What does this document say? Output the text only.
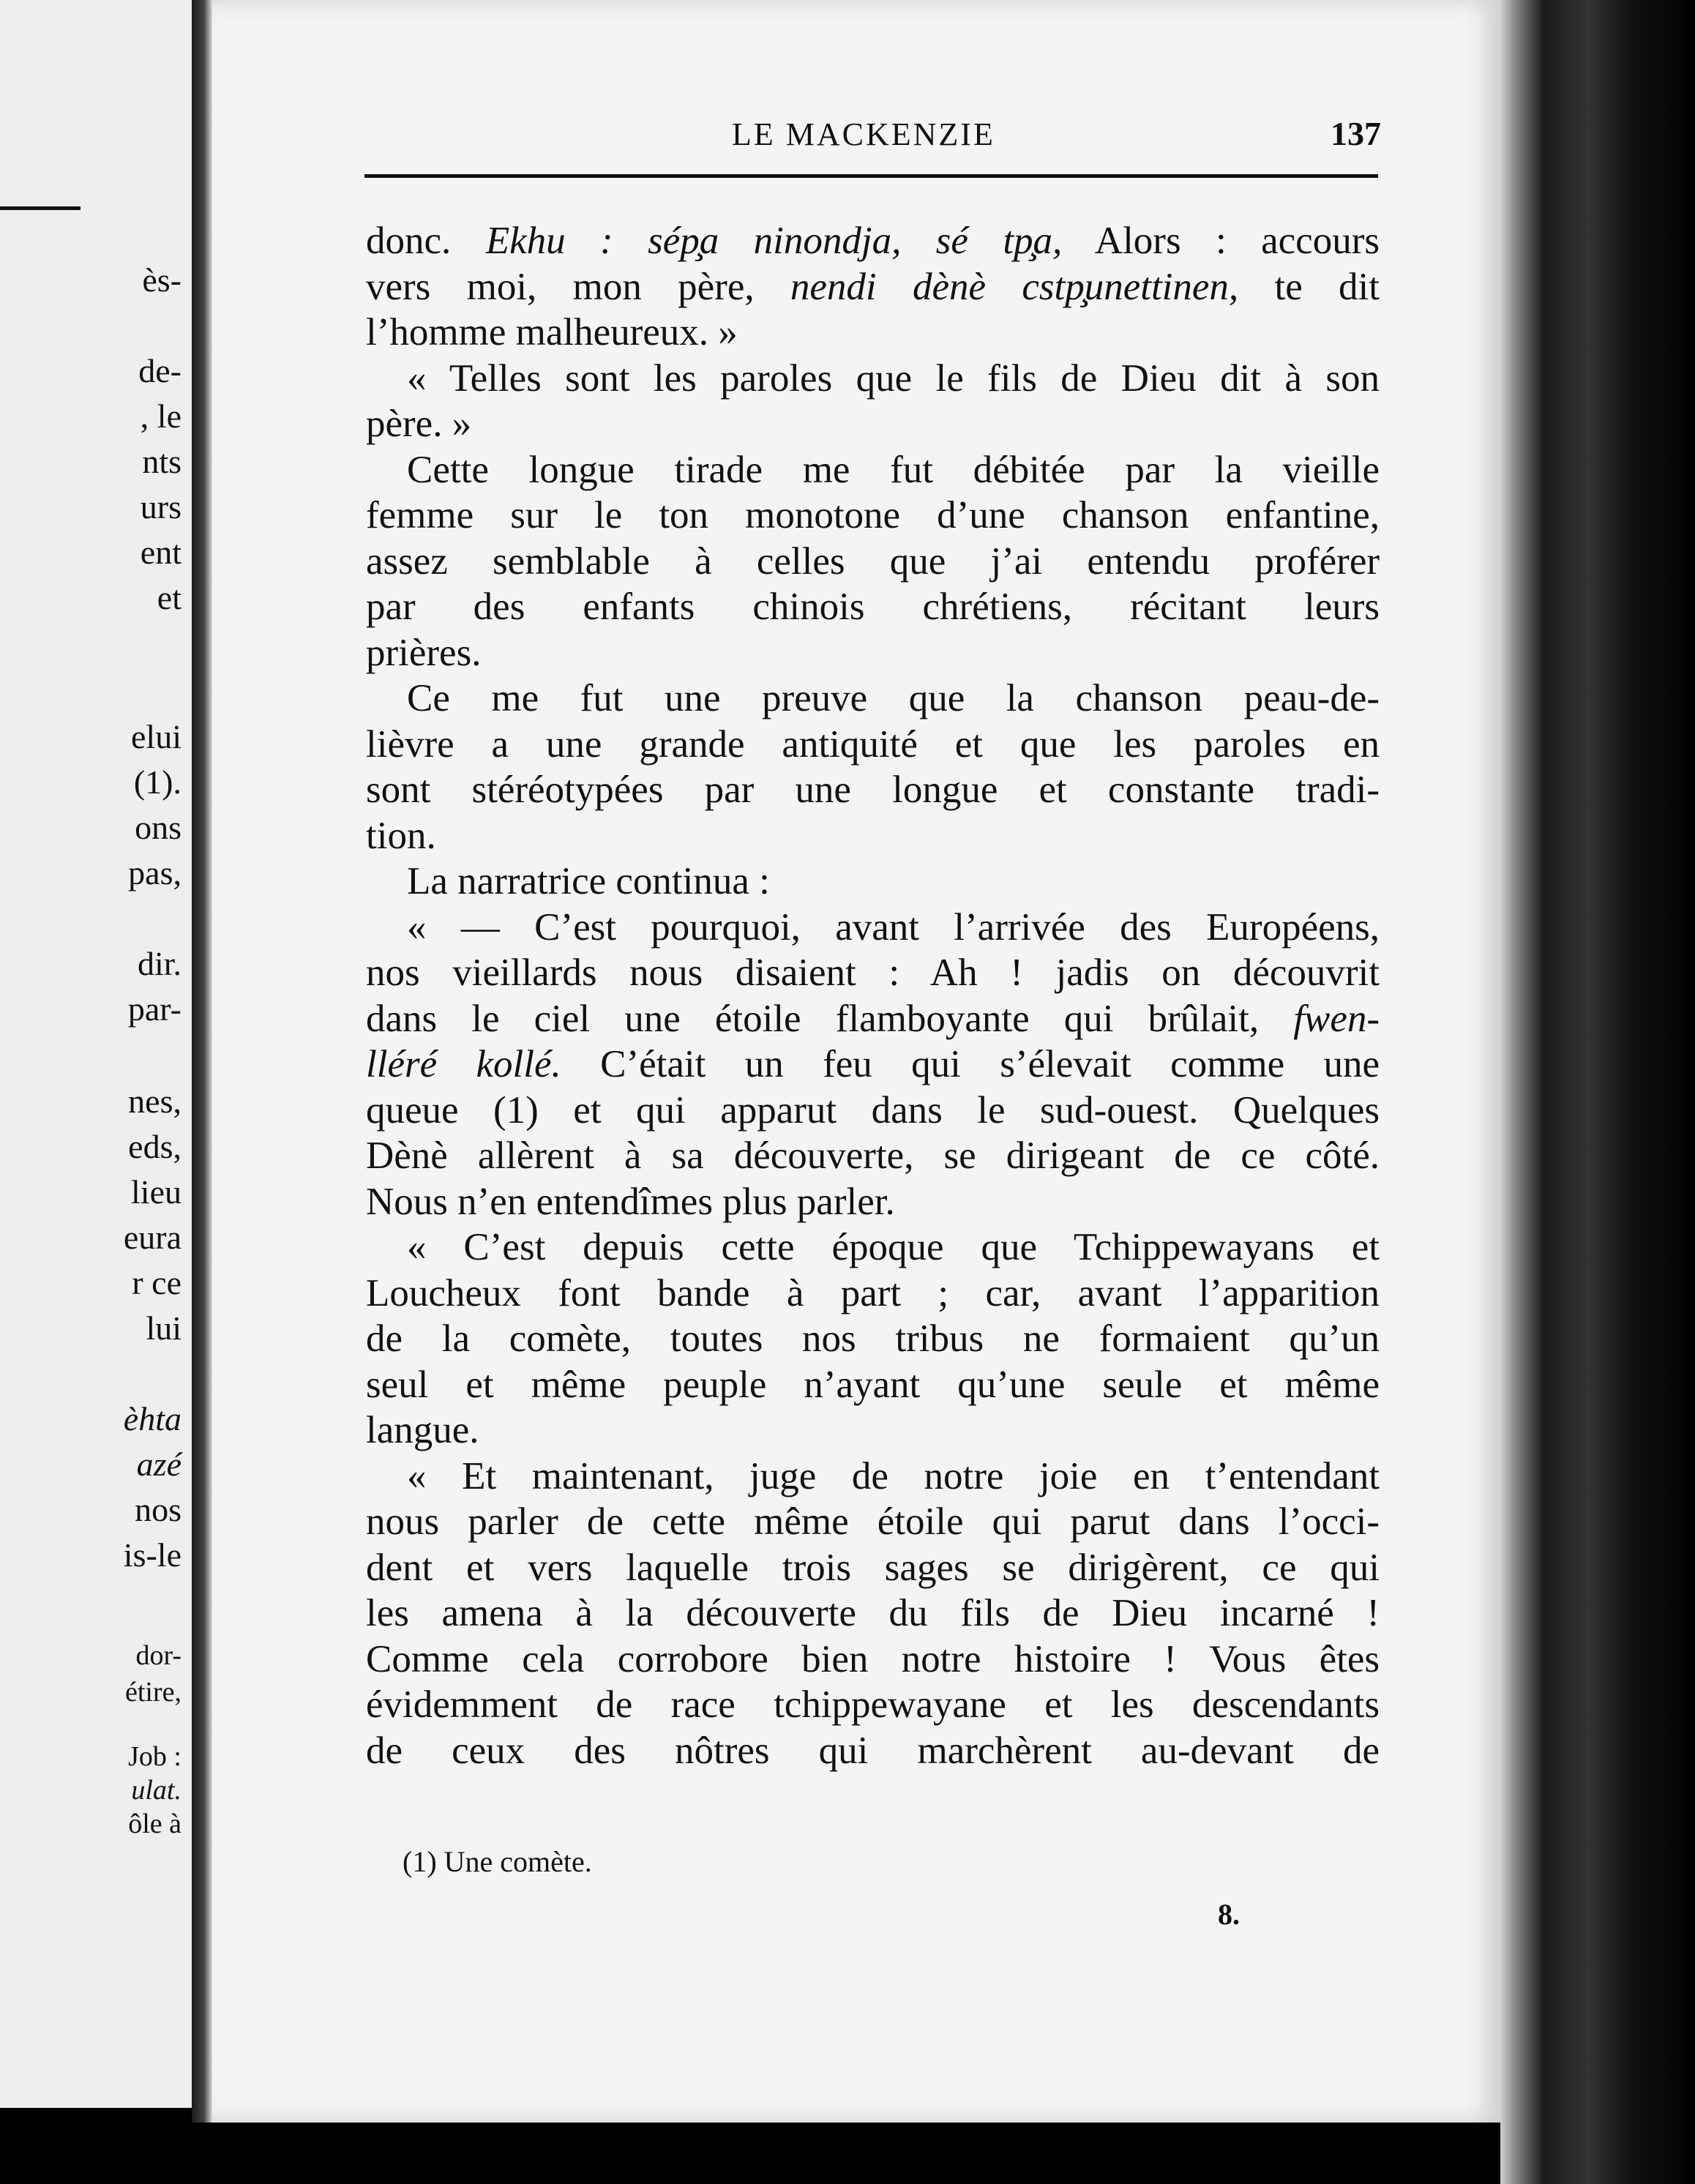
ès-
de-
, le
nts
urs
ent
et
elui
(1).
ons
pas,
dir.
par-
nes,
eds,
lieu
eura
r ce
lui
èhta
azé
nos
is-le
dor-
étire,
Job :
ulat.
ôle à
LE MACKENZIE	137
donc. Ekhu : sép̧a ninondja, sé tp̧a, Alors : accours
vers moi, mon père, nendi dènè cstp̧unettinen, te dit
l’homme malheureux. »
« Telles sont les paroles que le fils de Dieu dit à son
père. »
Cette longue tirade me fut débitée par la vieille
femme sur le ton monotone d’une chanson enfantine,
assez semblable à celles que j’ai entendu proférer
par des enfants chinois chrétiens, récitant leurs
prières.
Ce me fut une preuve que la chanson peau-de-
lièvre a une grande antiquité et que les paroles en
sont stéréotypées par une longue et constante tradi-
tion.
La narratrice continua :
« — C’est pourquoi, avant l’arrivée des Européens,
nos vieillards nous disaient : Ah ! jadis on découvrit
dans le ciel une étoile flamboyante qui brûlait, fwen-
lléré kollé. C’était un feu qui s’élevait comme une
queue (1) et qui apparut dans le sud-ouest. Quelques
Dènè allèrent à sa découverte, se dirigeant de ce côté.
Nous n’en entendîmes plus parler.
« C’est depuis cette époque que Tchippewayans et
Loucheux font bande à part ; car, avant l’apparition
de la comète, toutes nos tribus ne formaient qu’un
seul et même peuple n’ayant qu’une seule et même
langue.
« Et maintenant, juge de notre joie en t’entendant
nous parler de cette même étoile qui parut dans l’occi-
dent et vers laquelle trois sages se dirigèrent, ce qui
les amena à la découverte du fils de Dieu incarné !
Comme cela corrobore bien notre histoire ! Vous êtes
évidemment de race tchippewayane et les descendants
de ceux des nôtres qui marchèrent au-devant de
(1) Une comète.
8.
